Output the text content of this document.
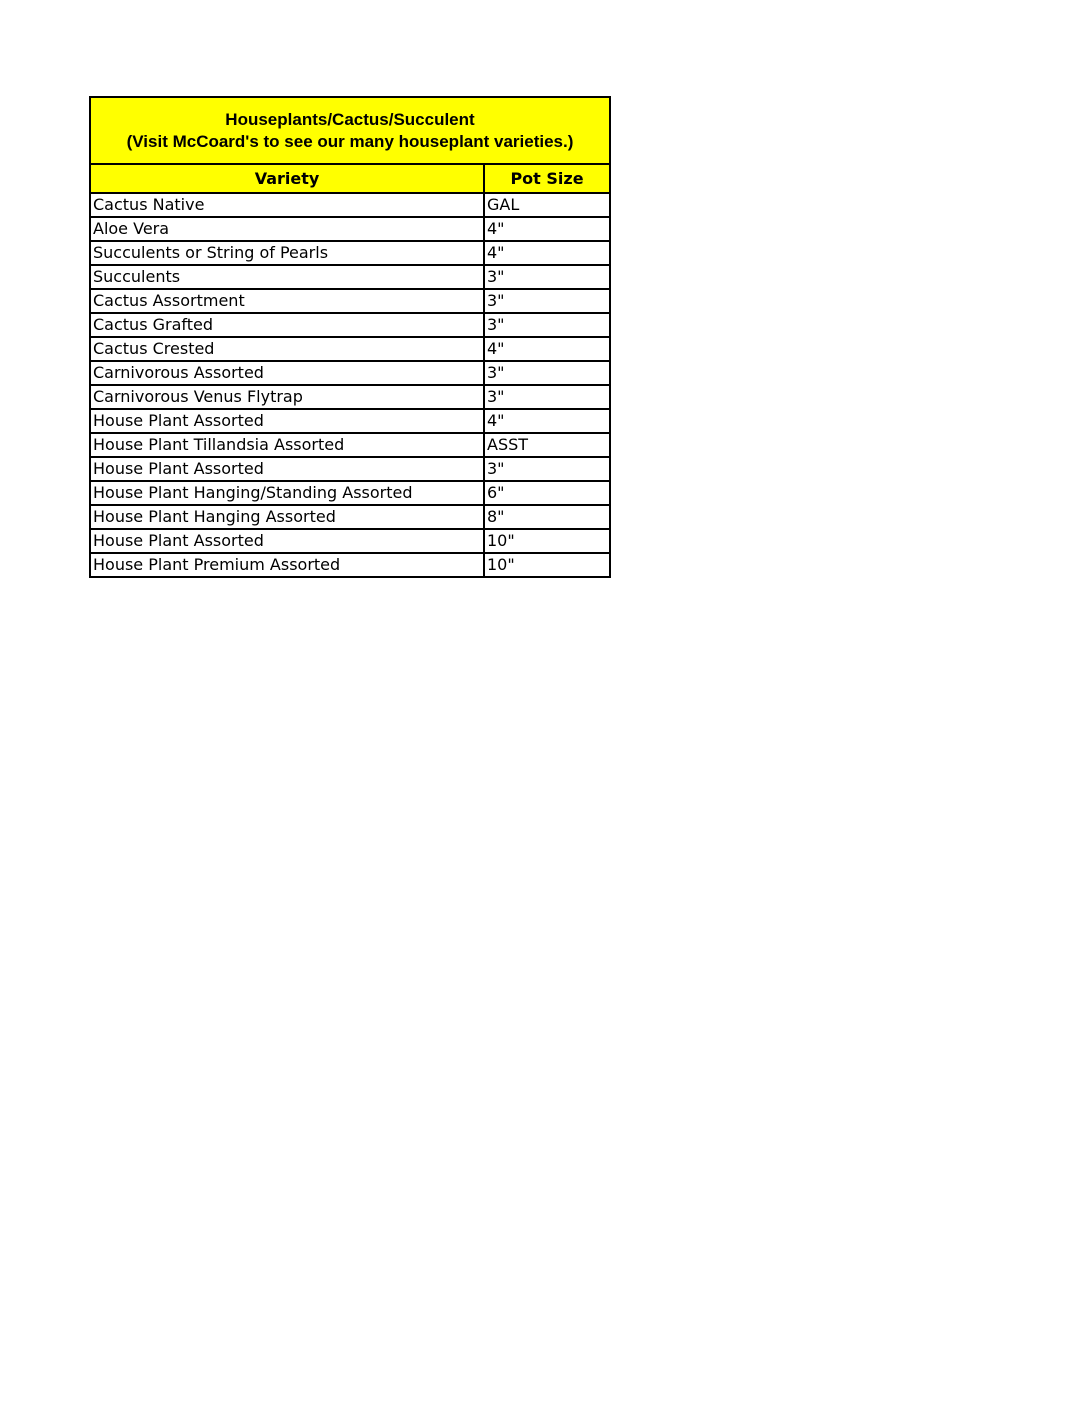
Houseplants/Cactus/Succulent
(Visit McCoard's to see our many houseplant varieties.)
Variety	Pot Size
Cactus Native	GAL
Aloe Vera	4"
Succulents or String of Pearls	4"
Succulents	3"
Cactus Assortment	3"
Cactus Grafted	3"
Cactus Crested	4"
Carnivorous Assorted	3"
Carnivorous Venus Flytrap	3"
House Plant Assorted	4"
House Plant Tillandsia Assorted	ASST
House Plant Assorted	3"
House Plant Hanging/Standing Assorted	6"
House Plant Hanging Assorted	8"
House Plant Assorted	10"
House Plant Premium Assorted	10"
